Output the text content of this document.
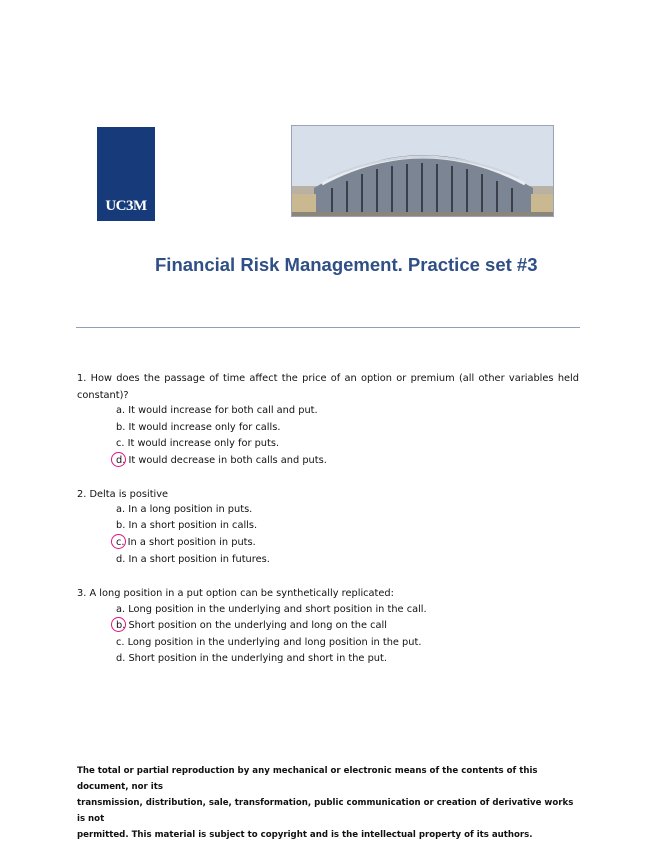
UC3M
Financial Risk Management. Practice set #3

1. How does the passage of time affect the price of an option or premium (all other variables held constant)?

a. It would increase for both call and put.

b. It would increase only for calls.

c. It would increase only for puts.

d. It would decrease in both calls and puts.

2. Delta is positive

a. In a long position in puts.

b. In a short position in calls.

c. In a short position in puts.

d. In a short position in futures.

3. A long position in a put option can be synthetically replicated:

a. Long position in the underlying and short position in the call.

b. Short position on the underlying and long on the call

c. Long position in the underlying and long position in the put.

d. Short position in the underlying and short in the put.

The total or partial reproduction by any mechanical or electronic means of the contents of this document, nor its
transmission, distribution, sale, transformation, public communication or creation of derivative works is not
permitted. This material is subject to copyright and is the intellectual property of its authors.
